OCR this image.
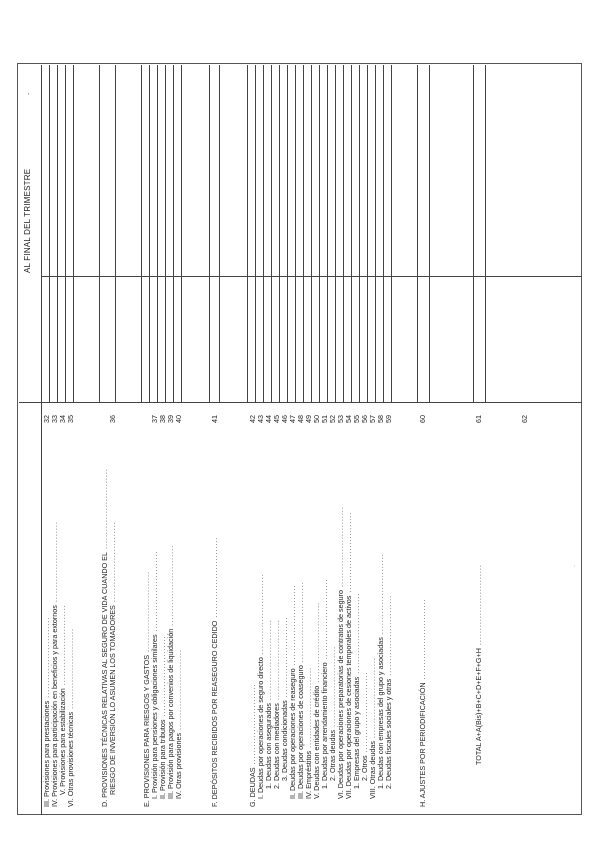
AL FINAL DEL TRIMESTRE
.
III. Provisiones para prestaciones ...........................
32
IV. Provisiones para participación en beneficios y para extornos ...........................
33
V. Provisiones para estabilización ...........................
34
VI. Otras provisiones técnicas ...........................
35
D. PROVISIONES TÉCNICAS RELATIVAS AL SEGURO DE VIDA CUANDO EL ...........................
RIESGO DE INVERSIÓN LO ASUMEN LOS TOMADORES ...........................
36
E. PROVISIONES PARA RIESGOS Y GASTOS ...........................
I. Provisión para pensiones y obligaciones similares ...........................
37
II. Provisión para tributos ...........................
38
III. Provisión para pagos por convenios de liquidación ...........................
39
IV. Otras provisiones ...........................
40
F. DEPÓSITOS RECIBIDOS POR REASEGURO CEDIDO ...........................
41
G. DEUDAS ...........................
42
I. Deudas por operaciones de seguro directo ...........................
43
1. Deudas con asegurados ...........................
44
2. Deudas con mediadores ...........................
45
3. Deudas condicionadas ...........................
46
II. Deudas por operaciones de reaseguro ...........................
47
III. Deudas por operaciones de coaseguro ...........................
48
IV. Empréstitos ...........................
49
V. Deudas con entidades de crédito ...........................
50
1. Deudas por arrendamiento financiero ...........................
51
2. Otras deudas ...........................
52
VI. Deudas por operaciones preparatorias de contratos de seguro ...........................
53
VII. Deudas por operaciones de cesiones temporales de activos ...........................
54
1. Empresas del grupo y asociadas ...........................
55
2. Otros ...........................
56
VIII. Otras deudas ...........................
57
1. Deudas con empresas del grupo y asociadas ...........................
58
2. Deudas fiscales sociales y otras ...........................
59
H. AJUSTES POR PERIODIFICACIÓN ...........................
60
TOTAL A+A(Bis)+B+C+D+E+F+G+H ...........................
61	62
·
·
